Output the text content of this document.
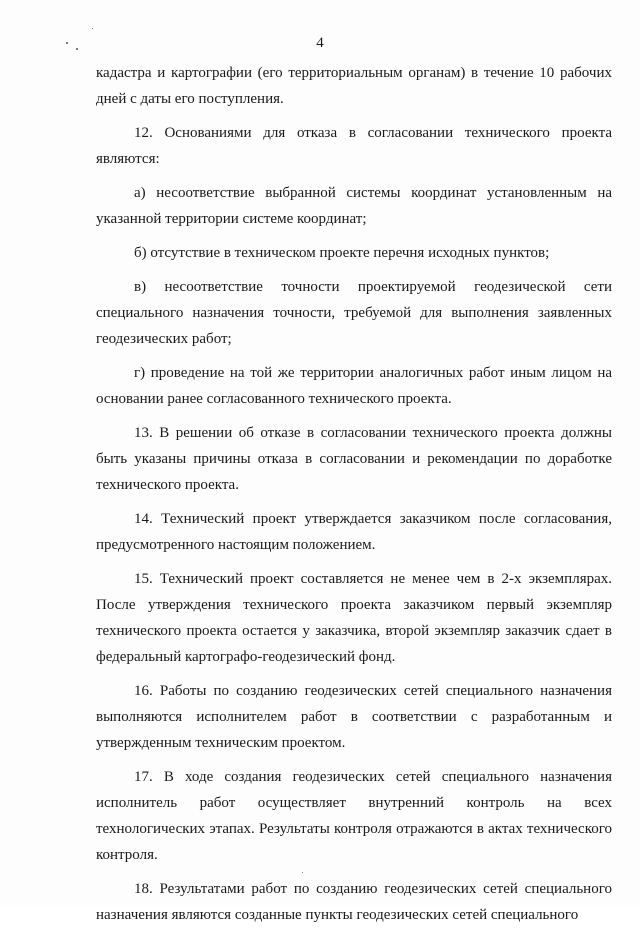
4

кадастра и картографии (его территориальным органам) в течение 10 рабочих дней с даты его поступления.

12. Основаниями для отказа в согласовании технического проекта являются:

а) несоответствие выбранной системы координат установленным на указанной территории системе координат;

б) отсутствие в техническом проекте перечня исходных пунктов;

в) несоответствие точности проектируемой геодезической сети специального назначения точности, требуемой для выполнения заявленных геодезических работ;

г) проведение на той же территории аналогичных работ иным лицом на основании ранее согласованного технического проекта.

13. В решении об отказе в согласовании технического проекта должны быть указаны причины отказа в согласовании и рекомендации по доработке технического проекта.

14. Технический проект утверждается заказчиком после согласования, предусмотренного настоящим положением.

15. Технический проект составляется не менее чем в 2-х экземплярах. После утверждения технического проекта заказчиком первый экземпляр технического проекта остается у заказчика, второй экземпляр заказчик сдает в федеральный картографо-геодезический фонд.

16. Работы по созданию геодезических сетей специального назначения выполняются исполнителем работ в соответствии с разработанным и утвержденным техническим проектом.

17. В ходе создания геодезических сетей специального назначения исполнитель работ осуществляет внутренний контроль на всех технологических этапах. Результаты контроля отражаются в актах технического контроля.

18. Результатами работ по созданию геодезических сетей специального назначения являются созданные пункты геодезических сетей специального
